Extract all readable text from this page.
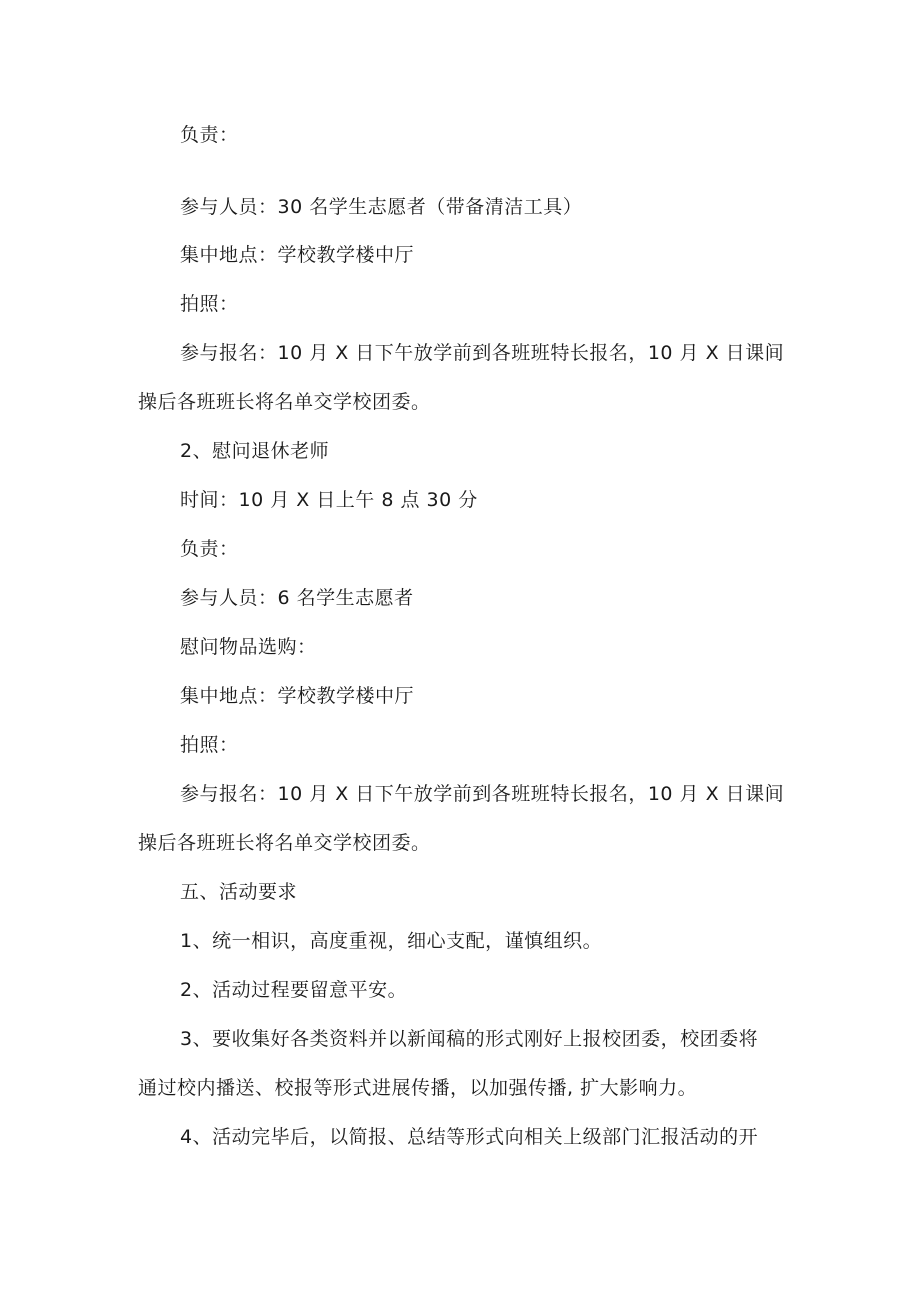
负责：
参与人员：30 名学生志愿者（带备清洁工具）
集中地点：学校教学楼中厅
拍照：
参与报名：10 月 X 日下午放学前到各班班特长报名，10 月 X 日课间
操后各班班长将名单交学校团委。
2、慰问退休老师
时间：10 月 X 日上午 8 点 30 分
负责：
参与人员：6 名学生志愿者
慰问物品选购：
集中地点：学校教学楼中厅
拍照：
参与报名：10 月 X 日下午放学前到各班班特长报名，10 月 X 日课间
操后各班班长将名单交学校团委。
五、活动要求
1、统一相识，高度重视，细心支配，谨慎组织。
2、活动过程要留意平安。
3、要收集好各类资料并以新闻稿的形式刚好上报校团委，校团委将
通过校内播送、校报等形式进展传播，以加强传播, 扩大影响力。
4、活动完毕后，以简报、总结等形式向相关上级部门汇报活动的开
